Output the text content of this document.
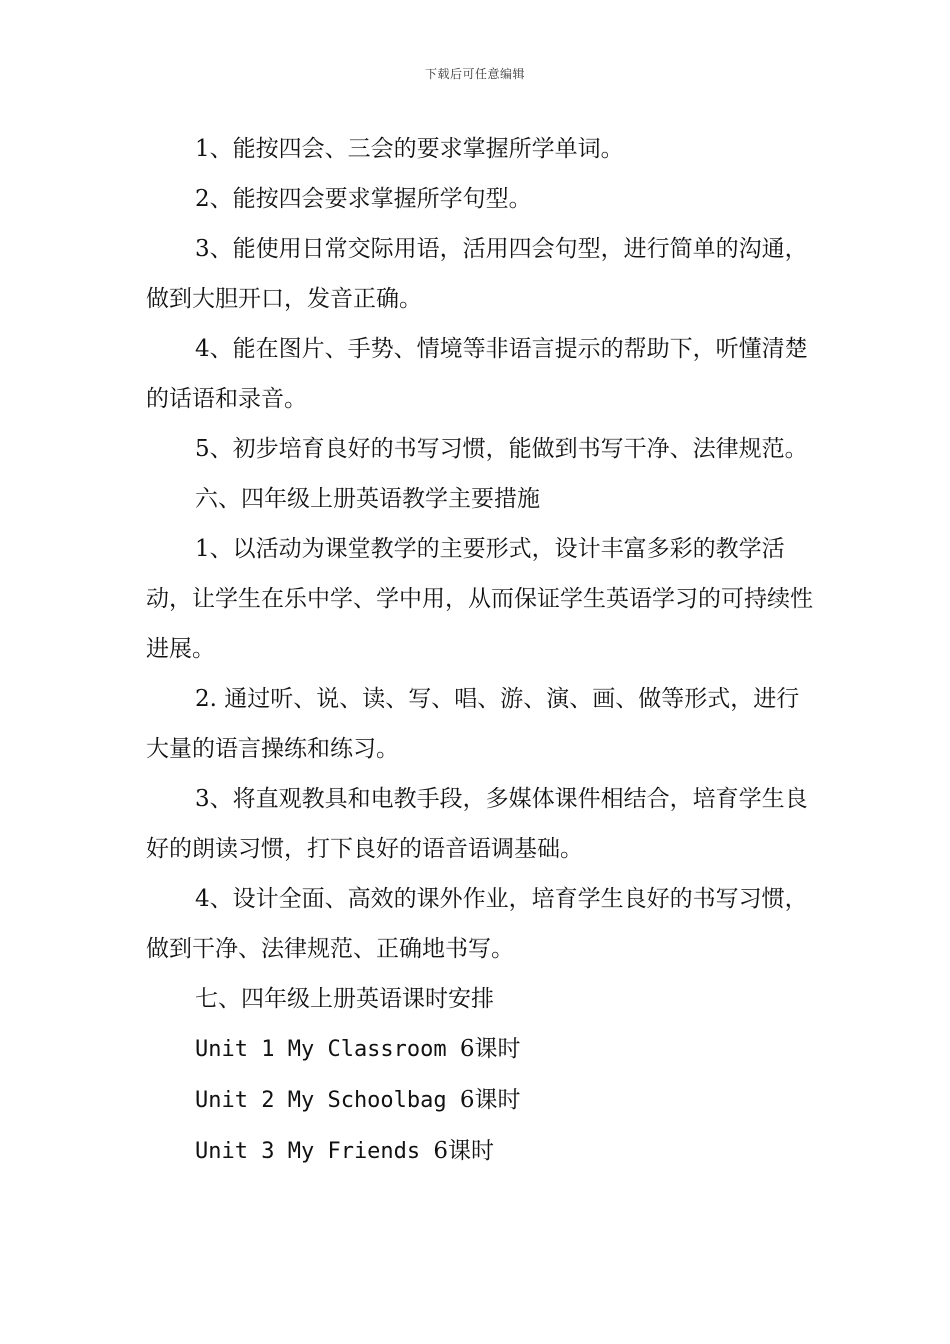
下载后可任意编辑

1、能按四会、三会的要求掌握所学单词。

2、能按四会要求掌握所学句型。

3、能使用日常交际用语，活用四会句型，进行简单的沟通，做到大胆开口，发音正确。

4、能在图片、手势、情境等非语言提示的帮助下，听懂清楚的话语和录音。

5、初步培育良好的书写习惯，能做到书写干净、法律规范。

六、四年级上册英语教学主要措施

1、以活动为课堂教学的主要形式，设计丰富多彩的教学活动，让学生在乐中学、学中用，从而保证学生英语学习的可持续性进展。

2. 通过听、说、读、写、唱、游、演、画、做等形式，进行大量的语言操练和练习。

3、将直观教具和电教手段，多媒体课件相结合，培育学生良好的朗读习惯，打下良好的语音语调基础。

4、设计全面、高效的课外作业，培育学生良好的书写习惯，做到干净、法律规范、正确地书写。

七、四年级上册英语课时安排

Unit 1 My Classroom 6课时

Unit 2 My Schoolbag 6课时

Unit 3 My Friends 6课时
